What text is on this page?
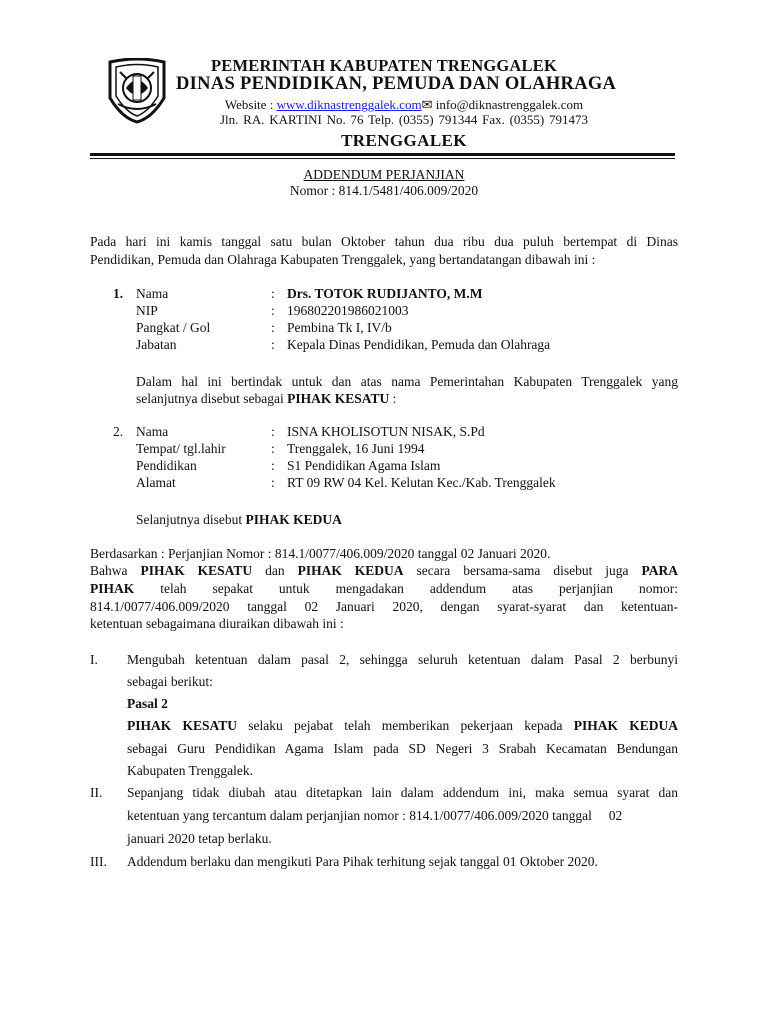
PEMERINTAH KABUPATEN TRENGGALEK
DINAS PENDIDIKAN, PEMUDA DAN OLAHRAGA
Website : www.diknastrenggalek.com✉ info@diknastrenggalek.com
Jln. RA. KARTINI No. 76 Telp. (0355) 791344 Fax. (0355) 791473
TRENGGALEK
ADDENDUM PERJANJIAN
Nomor : 814.1/5481/406.009/2020
Pada hari ini kamis tanggal satu bulan Oktober tahun dua ribu dua puluh bertempat di Dinas
Pendidikan, Pemuda dan Olahraga Kabupaten Trenggalek, yang bertandatangan dibawah ini :
1. Nama	: Drs. TOTOK RUDIJANTO, M.M
NIP	: 196802201986021003
Pangkat / Gol	: Pembina Tk I, IV/b
Jabatan	: Kepala Dinas Pendidikan, Pemuda dan Olahraga
Dalam hal ini bertindak untuk dan atas nama Pemerintahan Kabupaten Trenggalek yang
selanjutnya disebut sebagai PIHAK KESATU :
2. Nama	: ISNA KHOLISOTUN NISAK, S.Pd
Tempat/ tgl.lahir	: Trenggalek, 16 Juni 1994
Pendidikan	: S1 Pendidikan Agama Islam
Alamat	: RT 09 RW 04 Kel. Kelutan Kec./Kab. Trenggalek
Selanjutnya disebut PIHAK KEDUA
Berdasarkan : Perjanjian Nomor : 814.1/0077/406.009/2020 tanggal 02 Januari 2020.
Bahwa PIHAK KESATU dan PIHAK KEDUA secara bersama-sama disebut juga PARA
PIHAK telah sepakat untuk mengadakan addendum atas perjanjian nomor:
814.1/0077/406.009/2020 tanggal 02 Januari 2020, dengan syarat-syarat dan ketentuan-
ketentuan sebagaimana diuraikan dibawah ini :
I. Mengubah ketentuan dalam pasal 2, sehingga seluruh ketentuan dalam Pasal 2 berbunyi
sebagai berikut:
Pasal 2
PIHAK KESATU selaku pejabat telah memberikan pekerjaan kepada PIHAK KEDUA
sebagai Guru Pendidikan Agama Islam pada SD Negeri 3 Srabah Kecamatan Bendungan
Kabupaten Trenggalek.
II. Sepanjang tidak diubah atau ditetapkan lain dalam addendum ini, maka semua syarat dan
ketentuan yang tercantum dalam perjanjian nomor : 814.1/0077/406.009/2020 tanggal     02
januari 2020 tetap berlaku.
III. Addendum berlaku dan mengikuti Para Pihak terhitung sejak tanggal 01 Oktober 2020.
